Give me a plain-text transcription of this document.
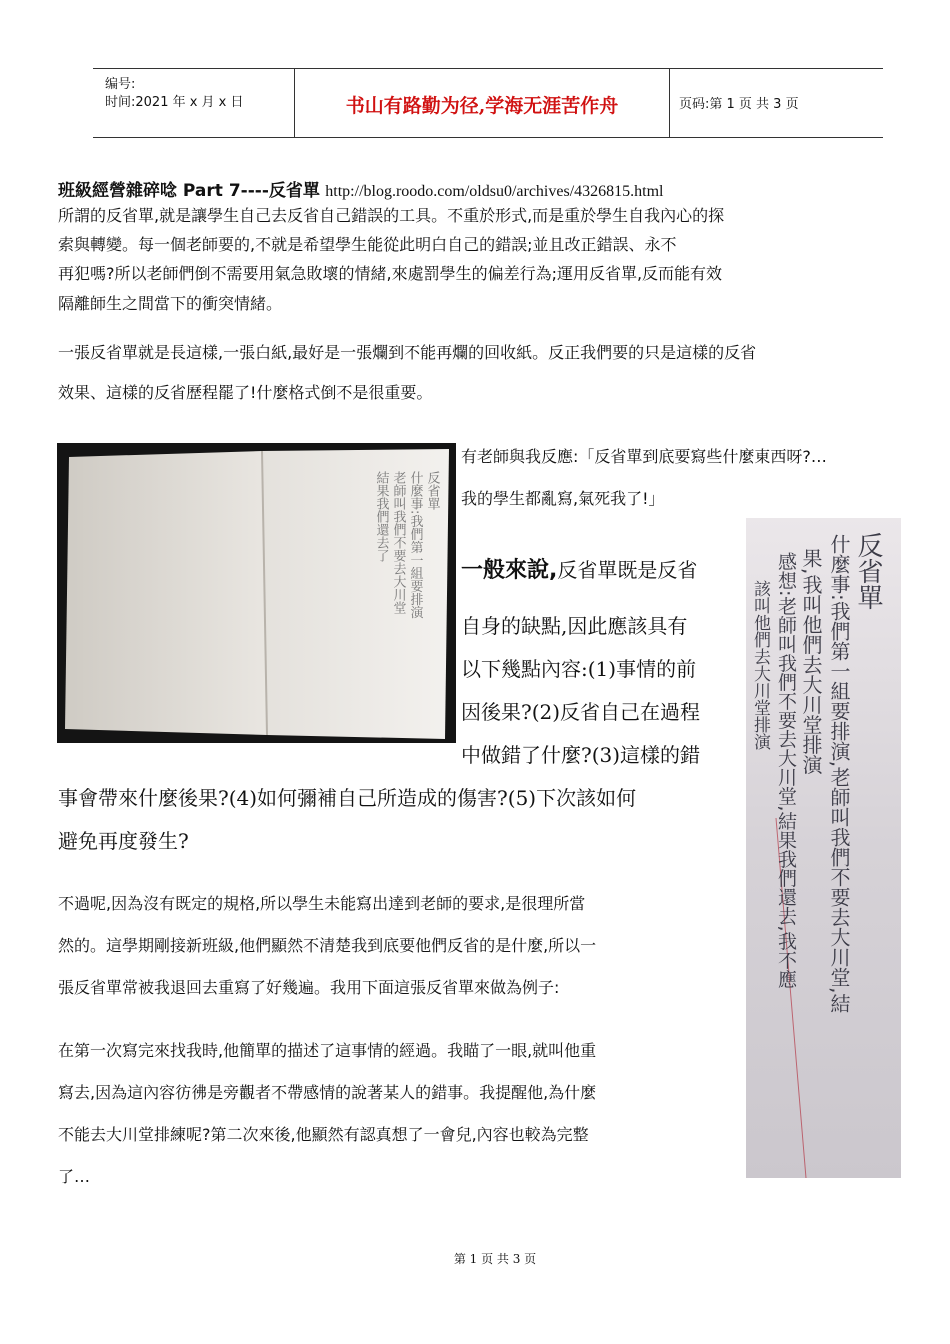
编号:
时间:2021 年 x 月 x 日	书山有路勤为径,学海无涯苦作舟	页码:第 1 页 共 3 页
班級經營雜碎唸 Part 7----反省單 http://blog.roodo.com/oldsu0/archives/4326815.html
所謂的反省單,就是讓學生自己去反省自己錯誤的工具。不重於形式,而是重於學生自我內心的探
索與轉變。每一個老師要的,不就是希望學生能從此明白自己的錯誤;並且改正錯誤、永不
再犯嗎?所以老師們倒不需要用氣急敗壞的情緒,來處罰學生的偏差行為;運用反省單,反而能有效
隔離師生之間當下的衝突情緒。
一張反省單就是長這樣,一張白紙,最好是一張爛到不能再爛的回收紙。反正我們要的只是這樣的反省
效果、這樣的反省歷程罷了!什麼格式倒不是很重要。
反省單
什麼事:我們第一組要排演
老師叫我們不要去大川堂
結果我們還去了
有老師與我反應:「反省單到底要寫些什麼東西呀?…
我的學生都亂寫,氣死我了!」
一般來說,反省單既是反省
自身的缺點,因此應該具有
以下幾點內容:(1)事情的前
因後果?(2)反省自己在過程
中做錯了什麼?(3)這樣的錯
事會帶來什麼後果?(4)如何彌補自己所造成的傷害?(5)下次該如何
避免再度發生?
反省單
什麼事:我們第一組要排演,老師叫我們不要去大川堂,結
果,我叫他們去大川堂排演
感想:老師叫我們不要去大川堂,結果我們還去,我不應
該叫他們去大川堂排演
不過呢,因為沒有既定的規格,所以學生未能寫出達到老師的要求,是很理所當
然的。這學期剛接新班級,他們顯然不清楚我到底要他們反省的是什麼,所以一
張反省單常被我退回去重寫了好幾遍。我用下面這張反省單來做為例子:
在第一次寫完來找我時,他簡單的描述了這事情的經過。我瞄了一眼,就叫他重
寫去,因為這內容彷彿是旁觀者不帶感情的說著某人的錯事。我提醒他,為什麼
不能去大川堂排練呢?第二次來後,他顯然有認真想了一會兒,內容也較為完整
了…
第 1 页 共 3 页
